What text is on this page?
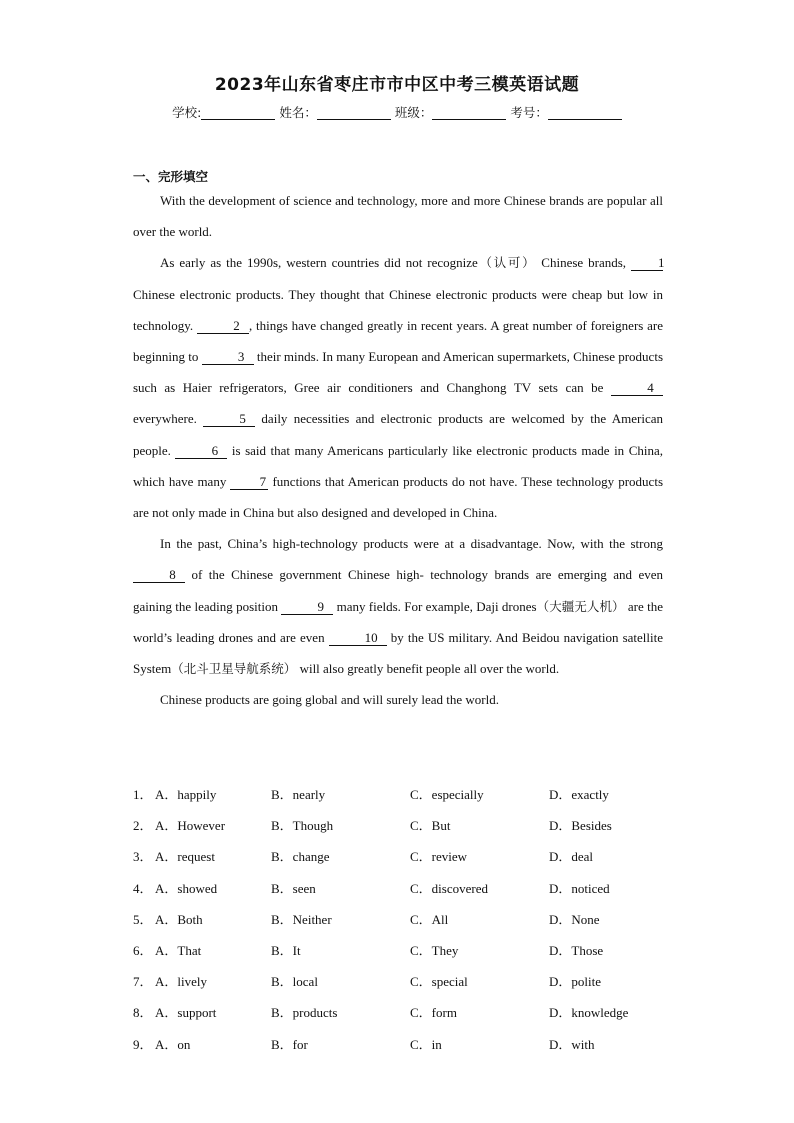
2023年山东省枣庄市市中区中考三模英语试题
学校:	姓名：	班级：	考号：
一、完形填空

With the development of science and technology, more and more Chinese brands are popular all over the world.

As early as the 1990s, western countries did not recognize（认可） Chinese brands, 1 Chinese electronic products. They thought that Chinese electronic products were cheap but low in technology.	2 , things have changed greatly in recent years. A great number of foreigners are beginning to	3 their minds. In many European and American supermarkets, Chinese products such as Haier refrigerators, Gree air conditioners and Changhong TV sets can be	4 everywhere.	5 daily necessities and electronic products are welcomed by the American people.	6 is said that many Americans particularly like electronic products made in China, which have many 7 functions that American products do not have. These technology products are not only made in China but also designed and developed in China.

In the past, China’s high-technology products were at a disadvantage. Now, with the strong 8 of the Chinese government Chinese high- technology brands are emerging and even gaining the leading position	9 many fields. For example, Daji drones（大疆无人机） are the world’s leading drones and are even	10 by the US military. And Beidou navigation satellite System（北斗卫星导航系统） will also greatly benefit people all over the world.

Chinese products are going global and will surely lead the world.

1． A．happily	B．nearly	C．especially	D．exactly
2． A．However	B．Though	C．But	D．Besides
3． A．request	B．change	C．review	D．deal
4． A．showed	B．seen	C．discovered	D．noticed
5． A．Both	B．Neither	C．All	D．None
6． A．That	B．It	C．They	D．Those
7． A．lively	B．local	C．special	D．polite
8． A．support	B．products	C．form	D．knowledge
9． A．on	B．for	C．in	D．with
